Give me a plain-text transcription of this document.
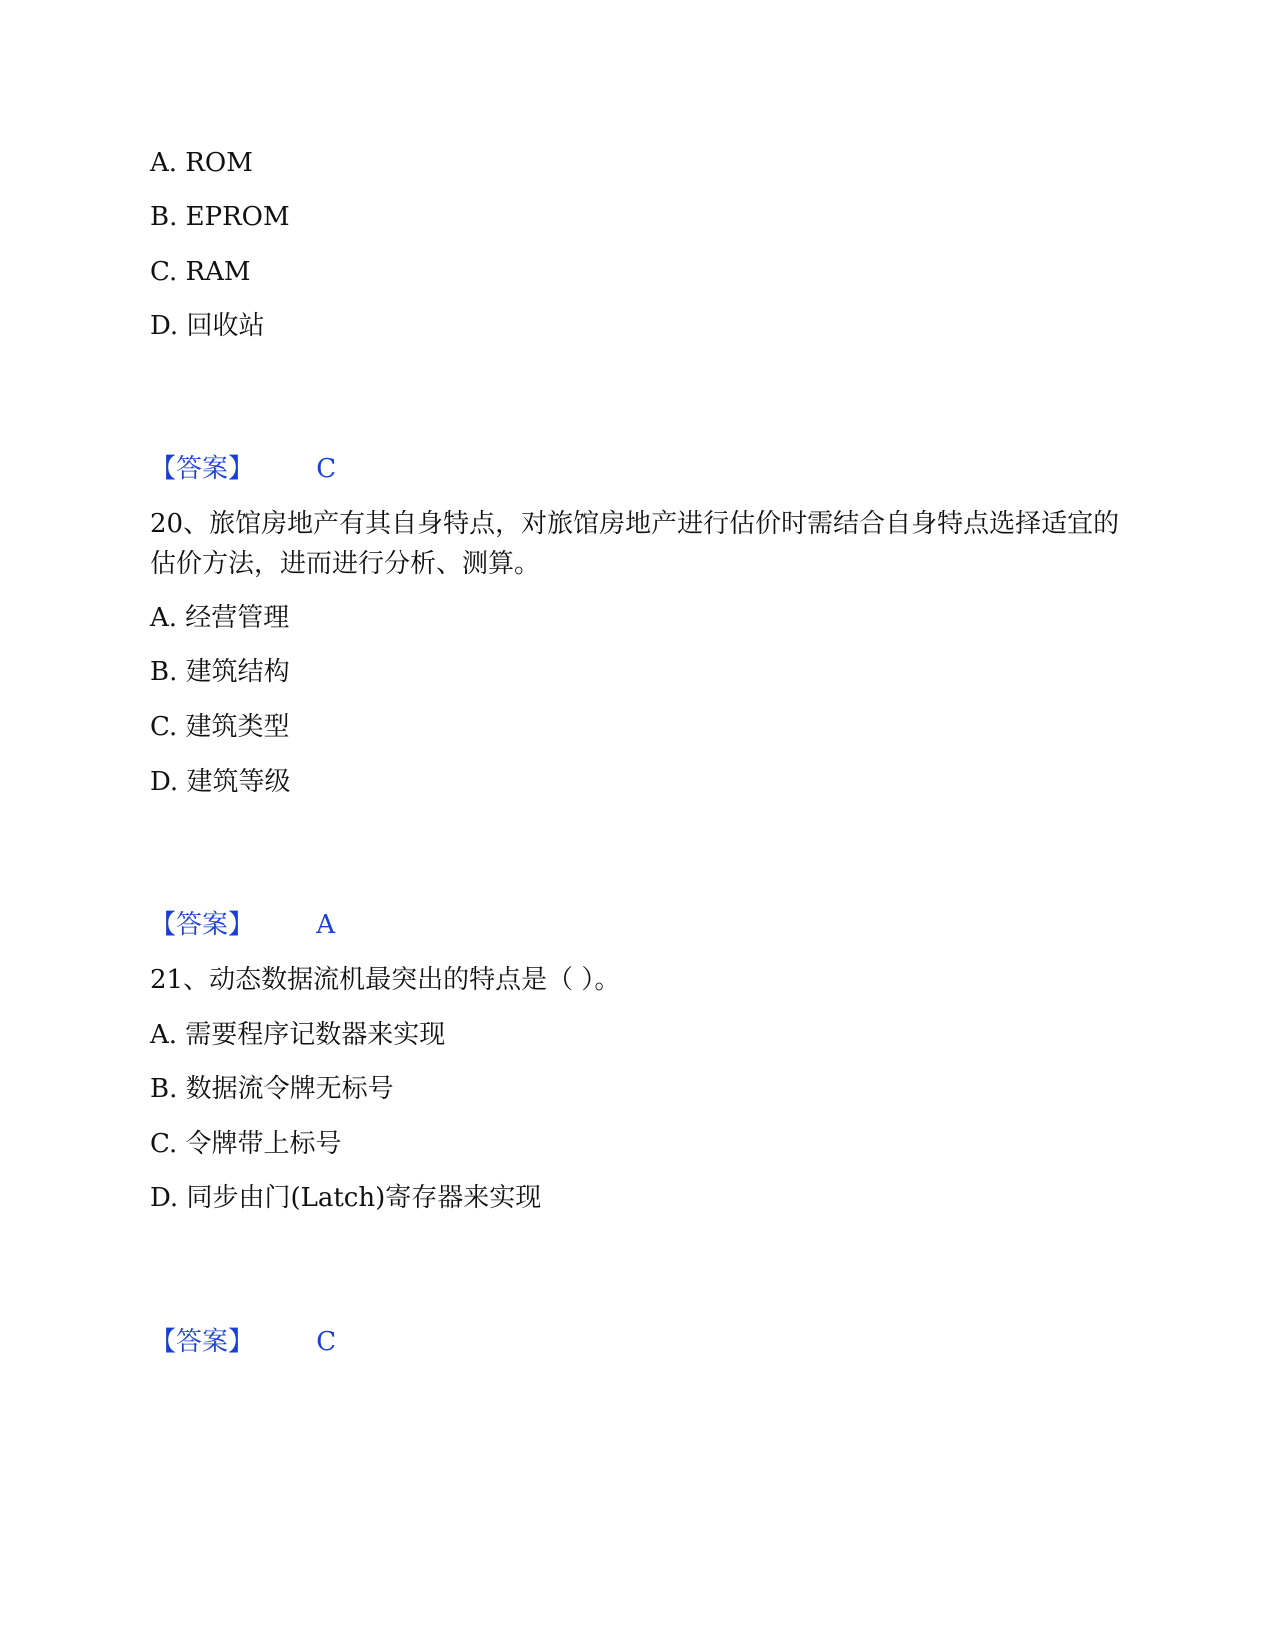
A. ROM
B. EPROM
C. RAM
D. 回收站
【答案】 C
20、旅馆房地产有其自身特点，对旅馆房地产进行估价时需结合自身特点选择适宜的估价方法，进而进行分析、测算。
A. 经营管理
B. 建筑结构
C. 建筑类型
D. 建筑等级
【答案】 A
21、动态数据流机最突出的特点是（ ）。
A. 需要程序记数器来实现
B. 数据流令牌无标号
C. 令牌带上标号
D. 同步由门(Latch)寄存器来实现
【答案】 C
